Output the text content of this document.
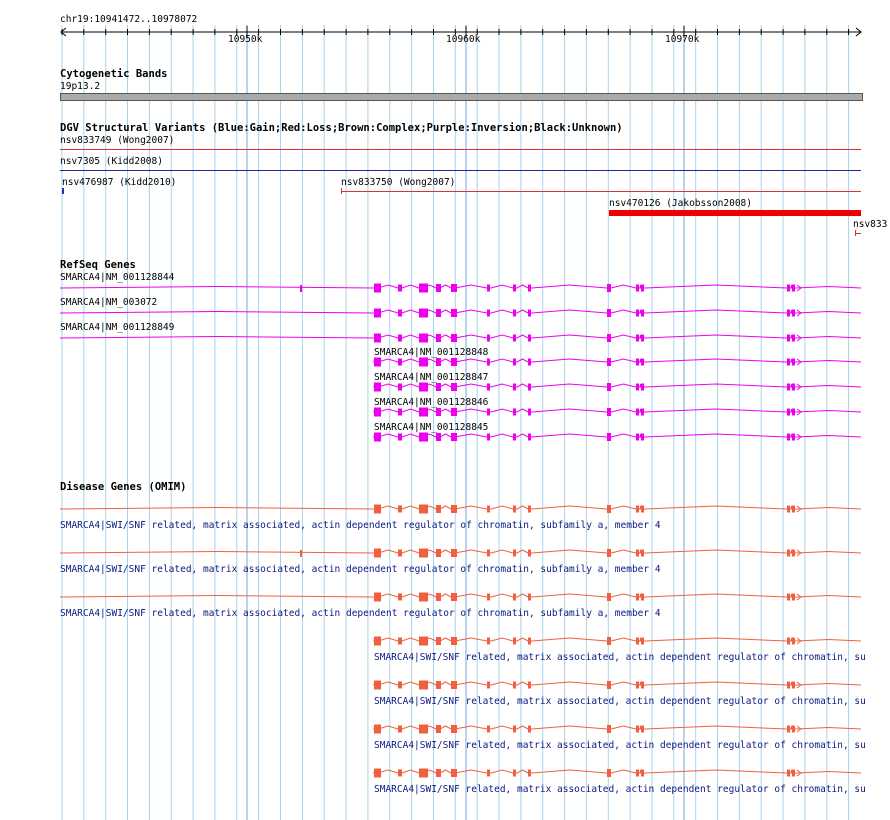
chr19:10941472..10978072
10950k	10960k	10970k
Cytogenetic Bands
19p13.2
DGV Structural Variants (Blue:Gain;Red:Loss;Brown:Complex;Purple:Inversion;Black:Unknown)
nsv833749 (Wong2007)
nsv7305 (Kidd2008)
nsv476987 (Kidd2010)	nsv833750 (Wong2007)
nsv470126 (Jakobsson2008)
nsv833
RefSeq Genes
SMARCA4|NM_001128844
SMARCA4|NM_003072
SMARCA4|NM_001128849
SMARCA4|NM_001128848
SMARCA4|NM_001128847
SMARCA4|NM_001128846
SMARCA4|NM_001128845
Disease Genes (OMIM)
SMARCA4|SWI/SNF related, matrix associated, actin dependent regulator of chromatin, subfamily a, member 4
SMARCA4|SWI/SNF related, matrix associated, actin dependent regulator of chromatin, subfamily a, member 4
SMARCA4|SWI/SNF related, matrix associated, actin dependent regulator of chromatin, subfamily a, member 4
SMARCA4|SWI/SNF related, matrix associated, actin dependent regulator of chromatin, su
SMARCA4|SWI/SNF related, matrix associated, actin dependent regulator of chromatin, su
SMARCA4|SWI/SNF related, matrix associated, actin dependent regulator of chromatin, su
SMARCA4|SWI/SNF related, matrix associated, actin dependent regulator of chromatin, su
